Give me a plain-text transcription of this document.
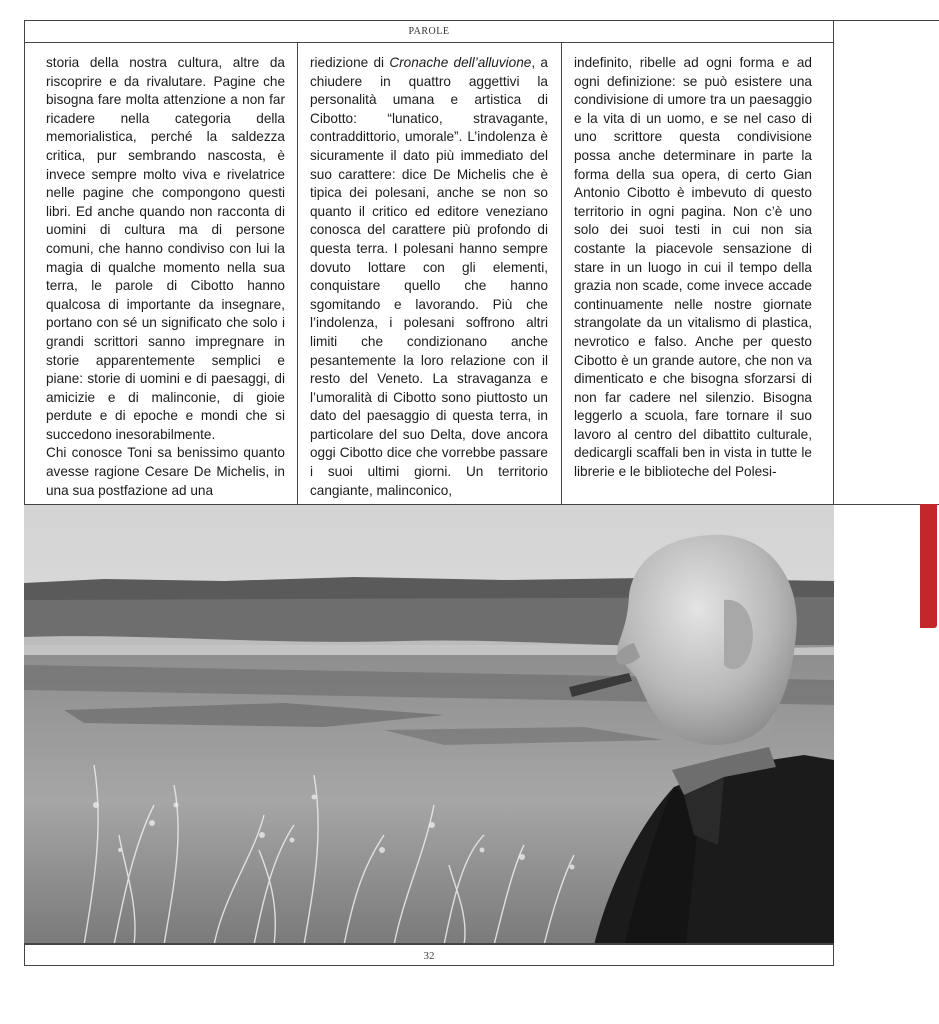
PAROLE

storia della nostra cultura, altre da riscoprire e da rivalutare. Pagine che bisogna fare molta attenzione a non far ricadere nella categoria della memorialistica, perché la saldezza critica, pur sembrando nascosta, è invece sempre molto viva e rivelatrice nelle pagine che compongono questi libri. Ed anche quando non racconta di uomini di cultura ma di persone comuni, che hanno condiviso con lui la magia di qualche momento nella sua terra, le parole di Cibotto hanno qualcosa di importante da insegnare, portano con sé un significato che solo i grandi scrittori sanno impregnare in storie apparentemente semplici e piane: storie di uomini e di paesaggi, di amicizie e di malinconie, di gioie perdute e di epoche e mondi che si succedono inesorabilmente.

Chi conosce Toni sa benissimo quanto avesse ragione Cesare De Michelis, in una sua postfazione ad una

riedizione di Cronache dell’alluvione, a chiudere in quattro aggettivi la personalità umana e artistica di Cibotto: “lunatico, stravagante, contraddittorio, umorale”. L’indolenza è sicuramente il dato più immediato del suo carattere: dice De Michelis che è tipica dei polesani, anche se non so quanto il critico ed editore veneziano conosca del carattere più profondo di questa terra. I polesani hanno sempre dovuto lottare con gli elementi, conquistare quello che hanno sgomitando e lavorando. Più che l’indolenza, i polesani soffrono altri limiti che condizionano anche pesantemente la loro relazione con il resto del Veneto. La stravaganza e l’umoralità di Cibotto sono piuttosto un dato del paesaggio di questa terra, in particolare del suo Delta, dove ancora oggi Cibotto dice che vorrebbe passare i suoi ultimi giorni. Un territorio cangiante, malinconico,

indefinito, ribelle ad ogni forma e ad ogni definizione: se può esistere una condivisione di umore tra un paesaggio e la vita di un uomo, e se nel caso di uno scrittore questa condivisione possa anche determinare in parte la forma della sua opera, di certo Gian Antonio Cibotto è imbevuto di questo territorio in ogni pagina. Non c’è uno solo dei suoi testi in cui non sia costante la piacevole sensazione di stare in un luogo in cui il tempo della grazia non scade, come invece accade continuamente nelle nostre giornate strangolate da un vitalismo di plastica, nevrotico e falso. Anche per questo Cibotto è un grande autore, che non va dimenticato e che bisogna sforzarsi di non far cadere nel silenzio. Bisogna leggerlo a scuola, fare tornare il suo lavoro al centro del dibattito culturale, dedicargli scaffali ben in vista in tutte le librerie e le biblioteche del Polesi-

32
